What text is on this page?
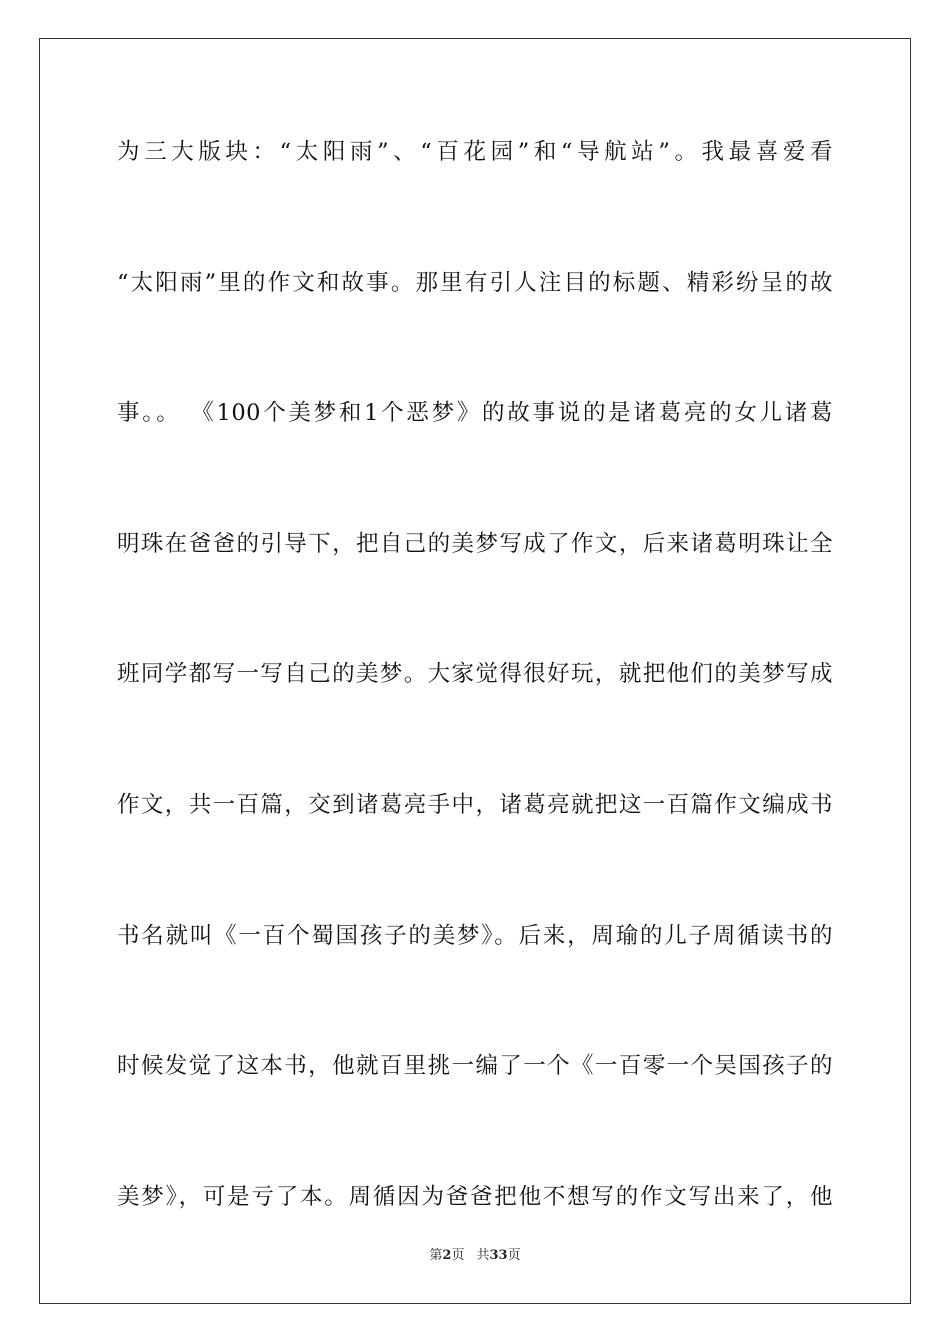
为三大版块：“太阳雨”、“百花园”和“导航站”。我最喜爱看
“太阳雨”里的作文和故事。那里有引人注目的标题、精彩纷呈的故
事。。 《100个美梦和1个恶梦》的故事说的是诸葛亮的女儿诸葛
明珠在爸爸的引导下，把自己的美梦写成了作文，后来诸葛明珠让全
班同学都写一写自己的美梦。大家觉得很好玩，就把他们的美梦写成
作文，共一百篇，交到诸葛亮手中，诸葛亮就把这一百篇作文编成书
书名就叫《一百个蜀国孩子的美梦》。后来，周瑜的儿子周循读书的
时候发觉了这本书，他就百里挑一编了一个《一百零一个吴国孩子的
美梦》，可是亏了本。周循因为爸爸把他不想写的作文写出来了，他
第2页 共33页
